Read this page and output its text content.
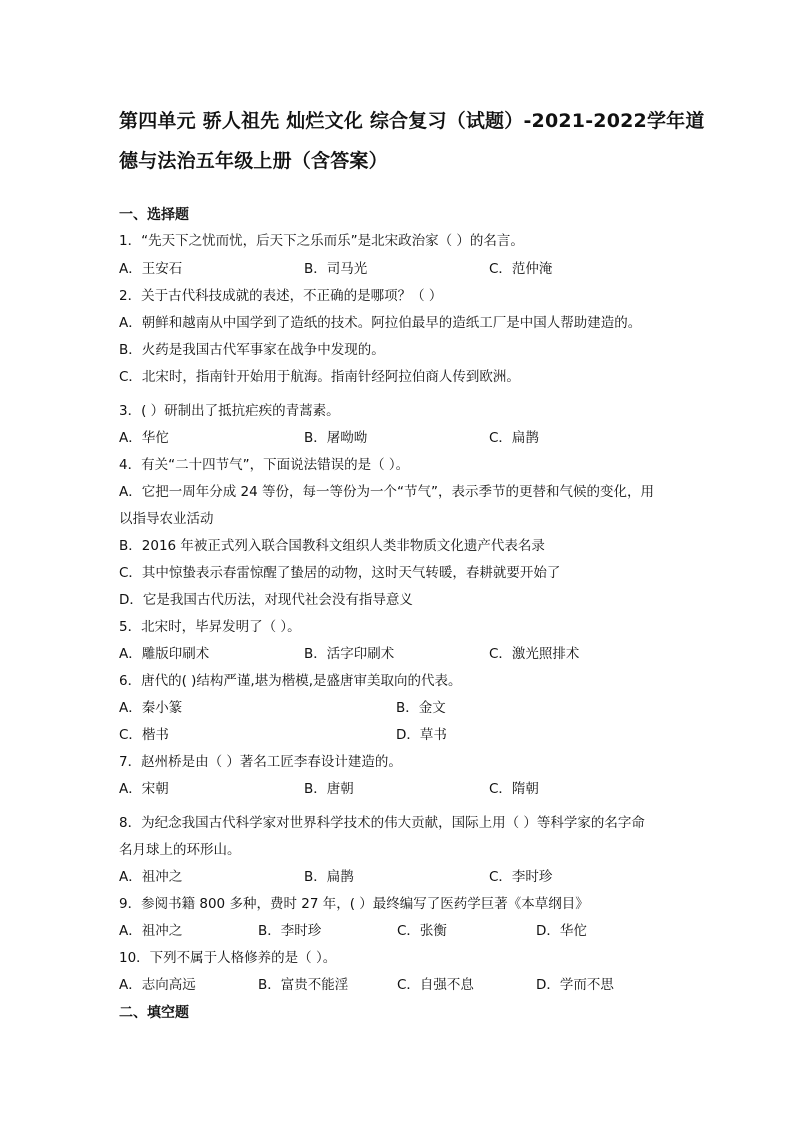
第四单元 骄人祖先 灿烂文化 综合复习（试题）-2021-2022学年道
德与法治五年级上册（含答案）
一、选择题
1．“先天下之忧而忧，后天下之乐而乐”是北宋政治家（ ）的名言。
A．王安石	B．司马光	C．范仲淹
2．关于古代科技成就的表述，不正确的是哪项？（ ）
A．朝鲜和越南从中国学到了造纸的技术。阿拉伯最早的造纸工厂是中国人帮助建造的。
B．火药是我国古代军事家在战争中发现的。
C．北宋时，指南针开始用于航海。指南针经阿拉伯商人传到欧洲。
3．( ）研制出了抵抗疟疾的青蒿素。
A．华佗	B．屠呦呦	C．扁鹊
4．有关“二十四节气”，下面说法错误的是（ ）。
A．它把一周年分成 24 等份，每一等份为一个“节气”，表示季节的更替和气候的变化，用
以指导农业活动
B．2016 年被正式列入联合国教科文组织人类非物质文化遗产代表名录
C．其中惊蛰表示春雷惊醒了蛰居的动物，这时天气转暖，春耕就要开始了
D．它是我国古代历法，对现代社会没有指导意义
5．北宋时，毕昇发明了（ ）。
A．雕版印刷术	B．活字印刷术	C．激光照排术
6．唐代的( )结构严谨,堪为楷模,是盛唐审美取向的代表。
A．秦小篆	B．金文
C．楷书	D．草书
7．赵州桥是由（ ）著名工匠李春设计建造的。
A．宋朝	B．唐朝	C．隋朝
8．为纪念我国古代科学家对世界科学技术的伟大贡献，国际上用（ ）等科学家的名字命
名月球上的环形山。
A．祖冲之	B．扁鹊	C．李时珍
9．参阅书籍 800 多种，费时 27 年，( ）最终编写了医药学巨著《本草纲目》
A．祖冲之	B．李时珍	C．张衡	D．华佗
10．下列不属于人格修养的是（ ）。
A．志向高远	B．富贵不能淫	C．自强不息	D．学而不思
二、填空题
